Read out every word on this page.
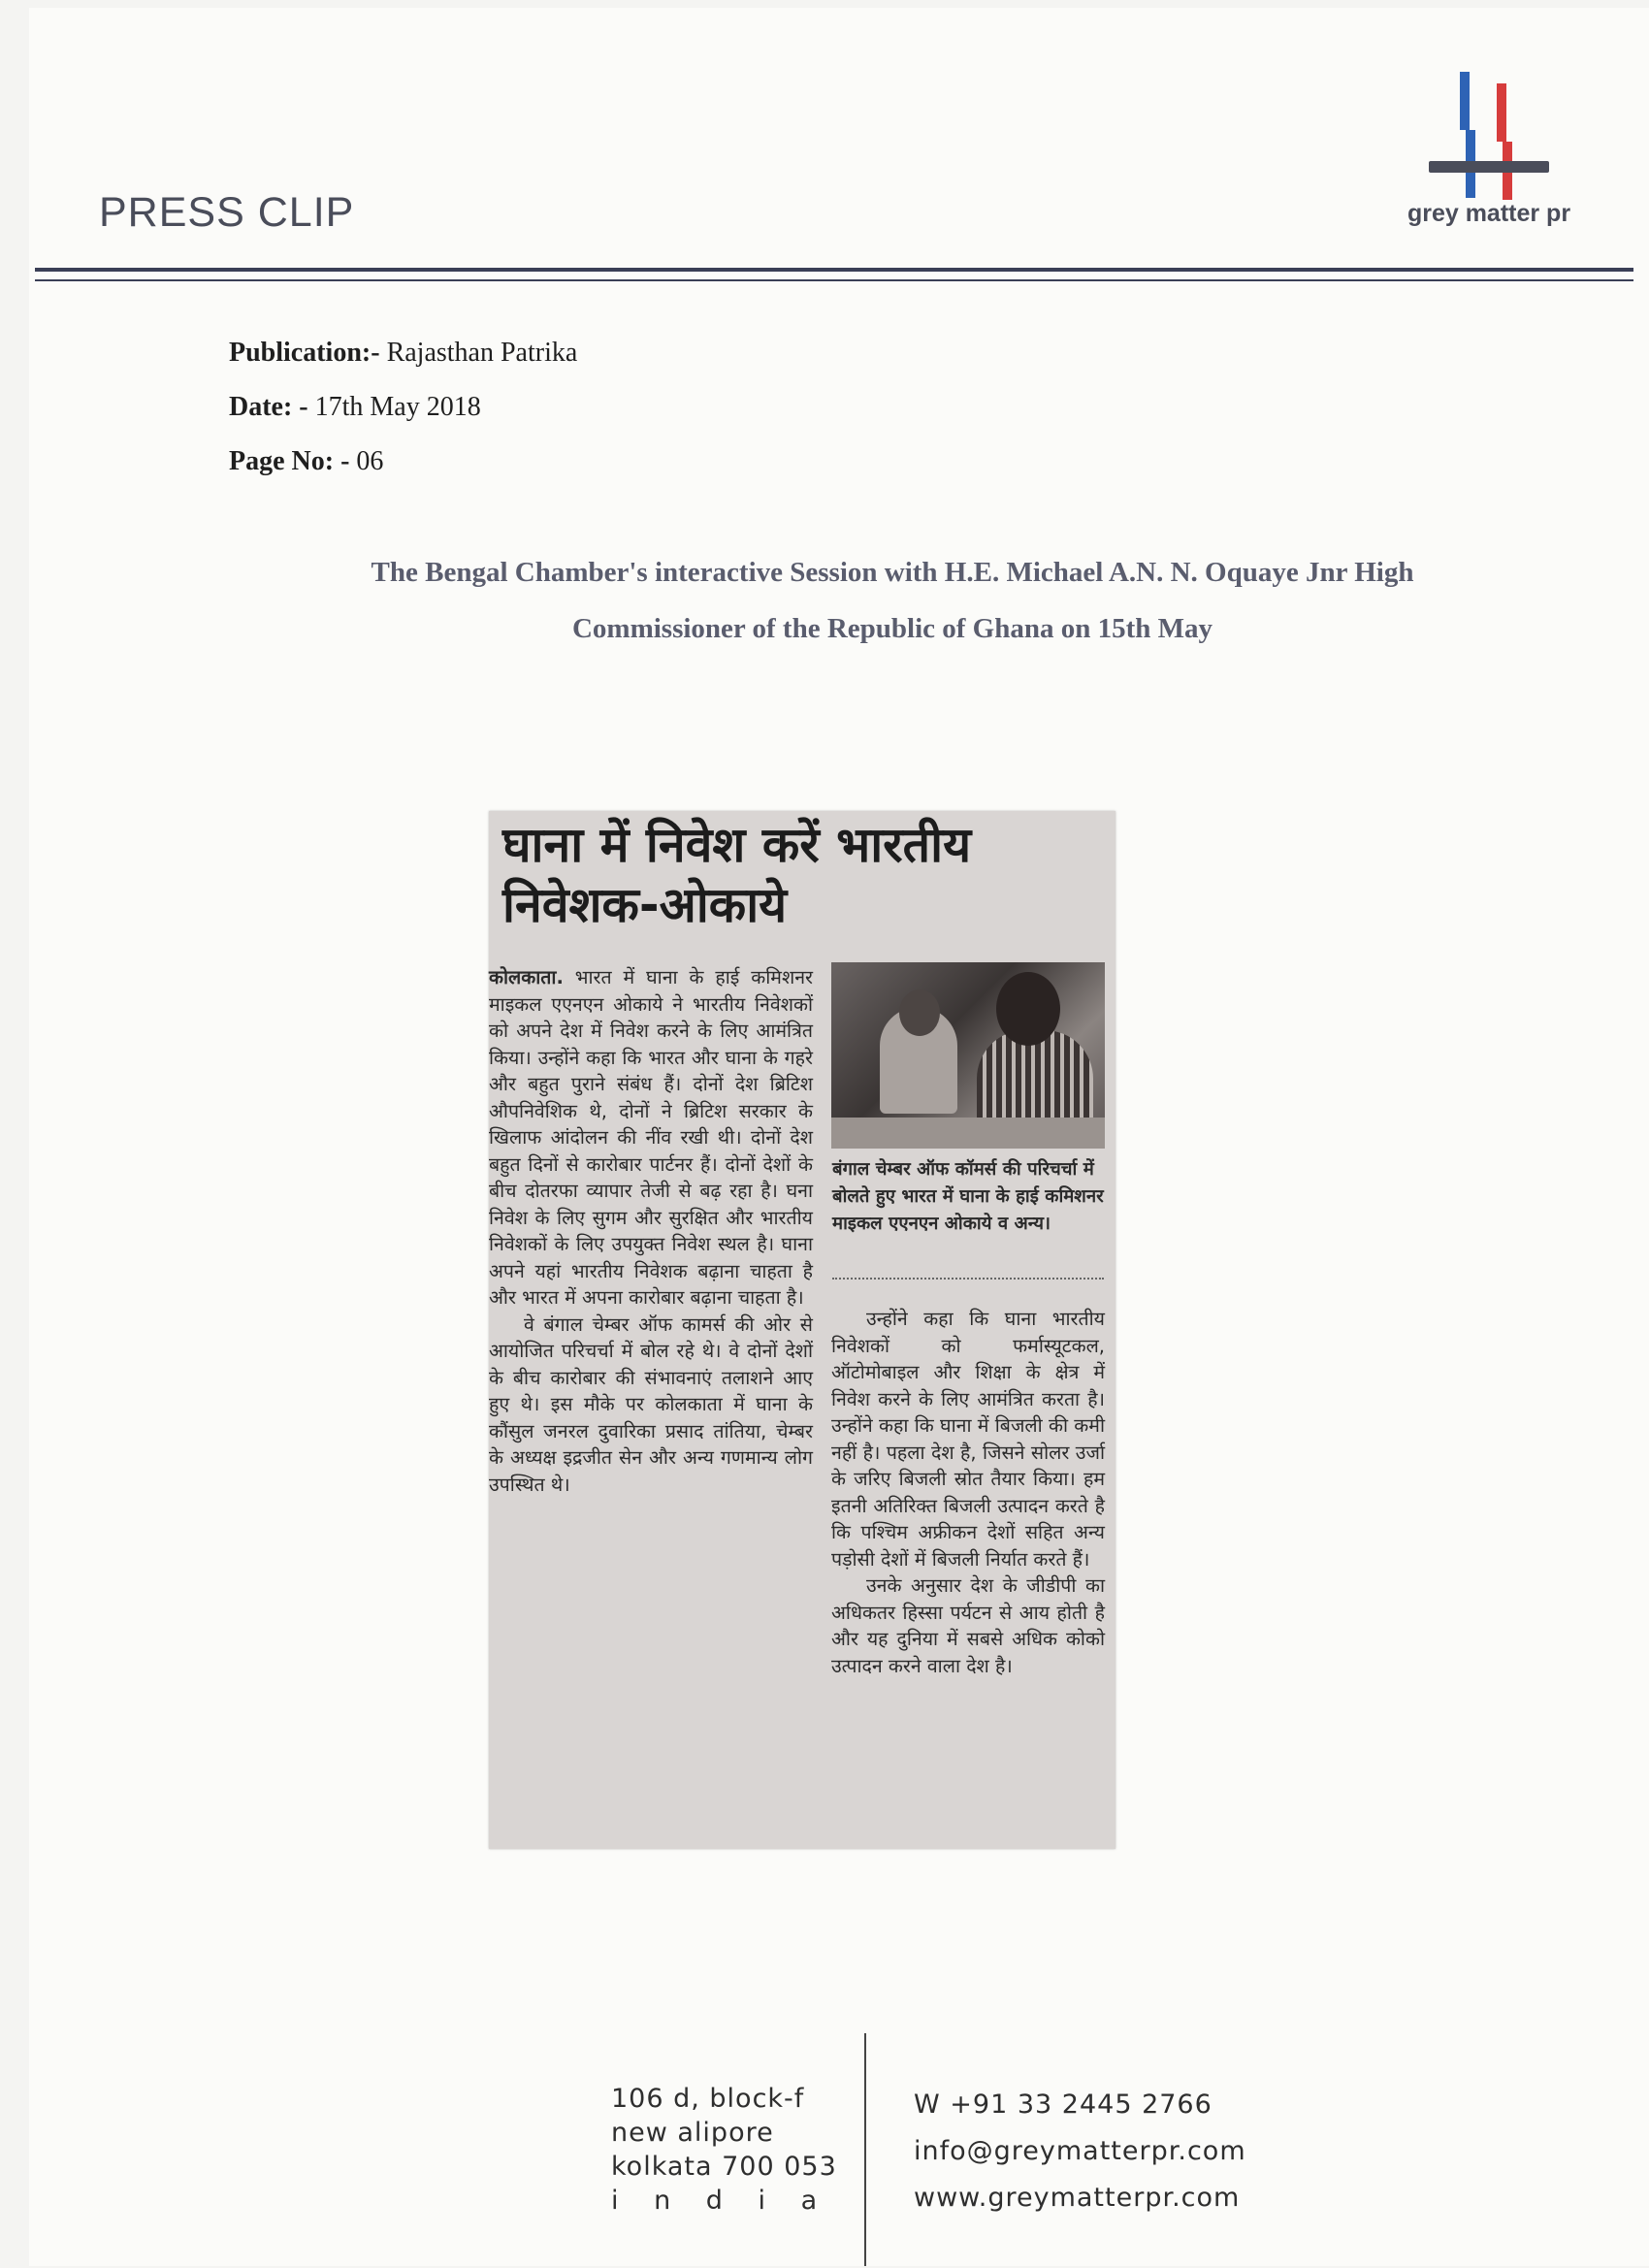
PRESS CLIP	grey matter pr
Publication:- Rajasthan Patrika
Date: - 17th May 2018
Page No: - 06
The Bengal Chamber's interactive Session with H.E. Michael A.N. N. Oquaye Jnr High
Commissioner of the Republic of Ghana on 15th May
घाना में निवेश करें भारतीय निवेशक-ओकाये

कोलकाता. भारत में घाना के हाई कमिशनर माइकल एएनएन ओकाये ने भारतीय निवेशकों को अपने देश में निवेश करने के लिए आमंत्रित किया। उन्होंने कहा कि भारत और घाना के गहरे और बहुत पुराने संबंध हैं। दोनों देश ब्रिटिश औपनिवेशिक थे, दोनों ने ब्रिटिश सरकार के खिलाफ आंदोलन की नींव रखी थी। दोनों देश बहुत दिनों से कारोबार पार्टनर हैं। दोनों देशों के बीच दोतरफा व्यापार तेजी से बढ़ रहा है। घना निवेश के लिए सुगम और सुरक्षित और भारतीय निवेशकों के लिए उपयुक्त निवेश स्थल है। घाना अपने यहां भारतीय निवेशक बढ़ाना चाहता है और भारत में अपना कारोबार बढ़ाना चाहता है।

वे बंगाल चेम्बर ऑफ कामर्स की ओर से आयोजित परिचर्चा में बोल रहे थे। वे दोनों देशों के बीच कारोबार की संभावनाएं तलाशने आए हुए थे। इस मौके पर कोलकाता में घाना के कौंसुल जनरल दुवारिका प्रसाद तांतिया, चेम्बर के अध्यक्ष इद्रजीत सेन और अन्य गणमान्य लोग उपस्थित थे।

बंगाल चेम्बर ऑफ कॉमर्स की परिचर्चा में बोलते हुए भारत में घाना के हाई कमिशनर माइकल एएनएन ओकाये व अन्य।

उन्होंने कहा कि घाना भारतीय निवेशकों को फर्मास्यूटकल, ऑटोमोबाइल और शिक्षा के क्षेत्र में निवेश करने के लिए आमंत्रित करता है। उन्होंने कहा कि घाना में बिजली की कमी नहीं है। पहला देश है, जिसने सोलर उर्जा के जरिए बिजली स्रोत तैयार किया। हम इतनी अतिरिक्त बिजली उत्पादन करते है कि पश्चिम अफ्रीकन देशों सहित अन्य पड़ोसी देशों में बिजली निर्यात करते हैं।

उनके अनुसार देश के जीडीपी का अधिकतर हिस्सा पर्यटन से आय होती है और यह दुनिया में सबसे अधिक कोको उत्पादन करने वाला देश है।

106 d, block-f
new alipore
kolkata 700 053
i n d i a
W +91 33 2445 2766
info@greymatterpr.com
www.greymatterpr.com
